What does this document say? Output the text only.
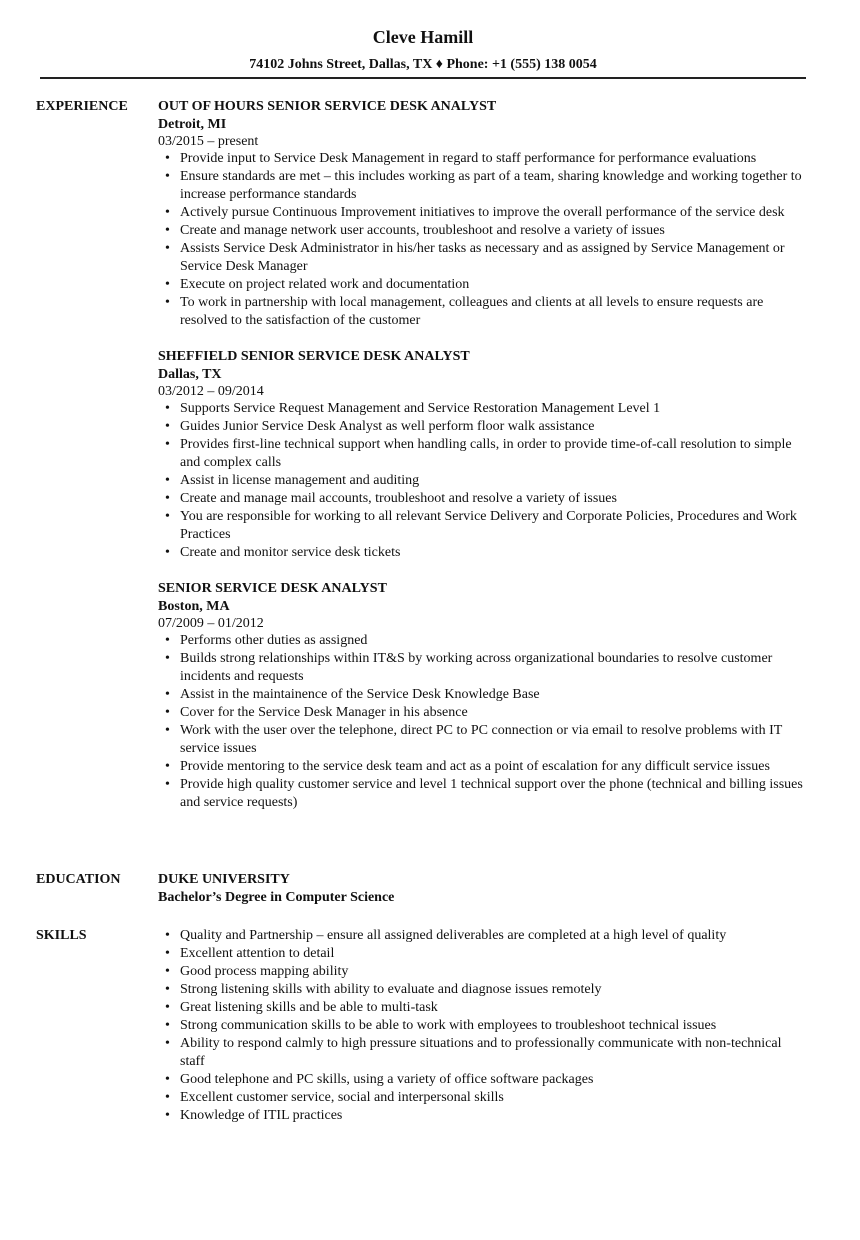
Cleve Hamill
74102 Johns Street, Dallas, TX ♦ Phone: +1 (555) 138 0054
EXPERIENCE	OUT OF HOURS SENIOR SERVICE DESK ANALYST
Detroit, MI
03/2015 – present
• Provide input to Service Desk Management in regard to staff performance for performance evaluations
• Ensure standards are met – this includes working as part of a team, sharing knowledge and working together to increase performance standards
• Actively pursue Continuous Improvement initiatives to improve the overall performance of the service desk
• Create and manage network user accounts, troubleshoot and resolve a variety of issues
• Assists Service Desk Administrator in his/her tasks as necessary and as assigned by Service Management or Service Desk Manager
• Execute on project related work and documentation
• To work in partnership with local management, colleagues and clients at all levels to ensure requests are resolved to the satisfaction of the customer
SHEFFIELD SENIOR SERVICE DESK ANALYST
Dallas, TX
03/2012 – 09/2014
• Supports Service Request Management and Service Restoration Management Level 1
• Guides Junior Service Desk Analyst as well perform floor walk assistance
• Provides first-line technical support when handling calls, in order to provide time-of-call resolution to simple and complex calls
• Assist in license management and auditing
• Create and manage mail accounts, troubleshoot and resolve a variety of issues
• You are responsible for working to all relevant Service Delivery and Corporate Policies, Procedures and Work Practices
• Create and monitor service desk tickets
SENIOR SERVICE DESK ANALYST
Boston, MA
07/2009 – 01/2012
• Performs other duties as assigned
• Builds strong relationships within IT&S by working across organizational boundaries to resolve customer incidents and requests
• Assist in the maintainence of the Service Desk Knowledge Base
• Cover for the Service Desk Manager in his absence
• Work with the user over the telephone, direct PC to PC connection or via email to resolve problems with IT service issues
• Provide mentoring to the service desk team and act as a point of escalation for any difficult service issues
• Provide high quality customer service and level 1 technical support over the phone (technical and billing issues and service requests)
EDUCATION	DUKE UNIVERSITY
Bachelor’s Degree in Computer Science
SKILLS
•	Quality and Partnership – ensure all assigned deliverables are completed at a high level of quality
• Excellent attention to detail
• Good process mapping ability
• Strong listening skills with ability to evaluate and diagnose issues remotely
• Great listening skills and be able to multi-task
• Strong communication skills to be able to work with employees to troubleshoot technical issues
• Ability to respond calmly to high pressure situations and to professionally communicate with non-technical staff
• Good telephone and PC skills, using a variety of office software packages
• Excellent customer service, social and interpersonal skills
• Knowledge of ITIL practices
